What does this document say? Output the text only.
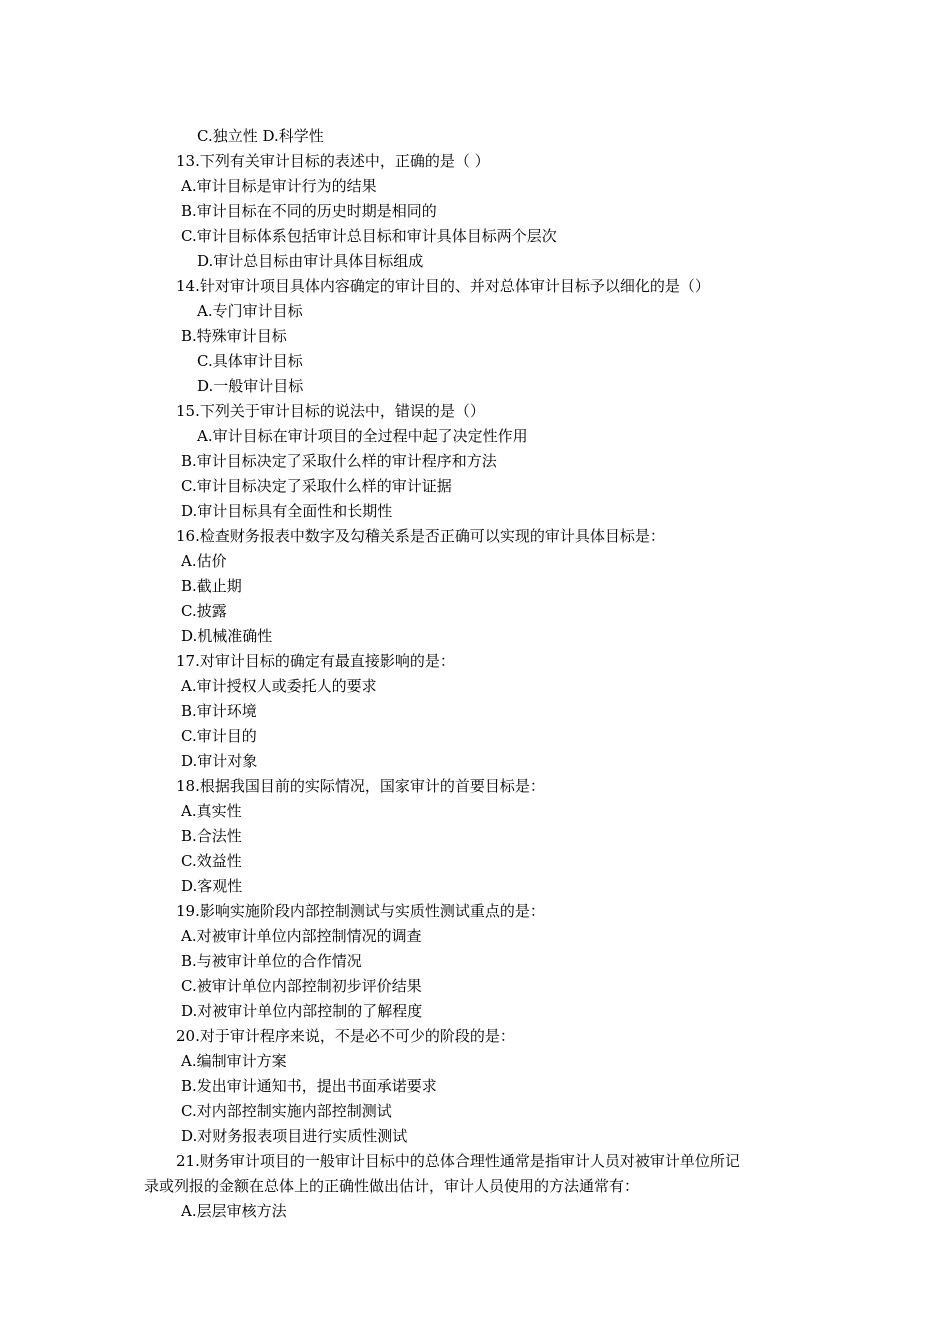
C.独立性 D.科学性
13.下列有关审计目标的表述中，正确的是（ ）
A.审计目标是审计行为的结果
B.审计目标在不同的历史时期是相同的
C.审计目标体系包括审计总目标和审计具体目标两个层次
D.审计总目标由审计具体目标组成
14.针对审计项目具体内容确定的审计目的、并对总体审计目标予以细化的是（）
A.专门审计目标
B.特殊审计目标
C.具体审计目标
D.一般审计目标
15.下列关于审计目标的说法中，错误的是（）
A.审计目标在审计项目的全过程中起了决定性作用
B.审计目标决定了采取什么样的审计程序和方法
C.审计目标决定了采取什么样的审计证据
D.审计目标具有全面性和长期性
16.检查财务报表中数字及勾稽关系是否正确可以实现的审计具体目标是：
A.估价
B.截止期
C.披露
D.机械准确性
17.对审计目标的确定有最直接影响的是：
A.审计授权人或委托人的要求
B.审计环境
C.审计目的
D.审计对象
18.根据我国目前的实际情况，国家审计的首要目标是：
A.真实性
B.合法性
C.效益性
D.客观性
19.影响实施阶段内部控制测试与实质性测试重点的是：
A.对被审计单位内部控制情况的调查
B.与被审计单位的合作情况
C.被审计单位内部控制初步评价结果
D.对被审计单位内部控制的了解程度
20.对于审计程序来说，不是必不可少的阶段的是：
A.编制审计方案
B.发出审计通知书，提出书面承诺要求
C.对内部控制实施内部控制测试
D.对财务报表项目进行实质性测试
21.财务审计项目的一般审计目标中的总体合理性通常是指审计人员对被审计单位所记
录或列报的金额在总体上的正确性做出估计，审计人员使用的方法通常有：
A.层层审核方法
